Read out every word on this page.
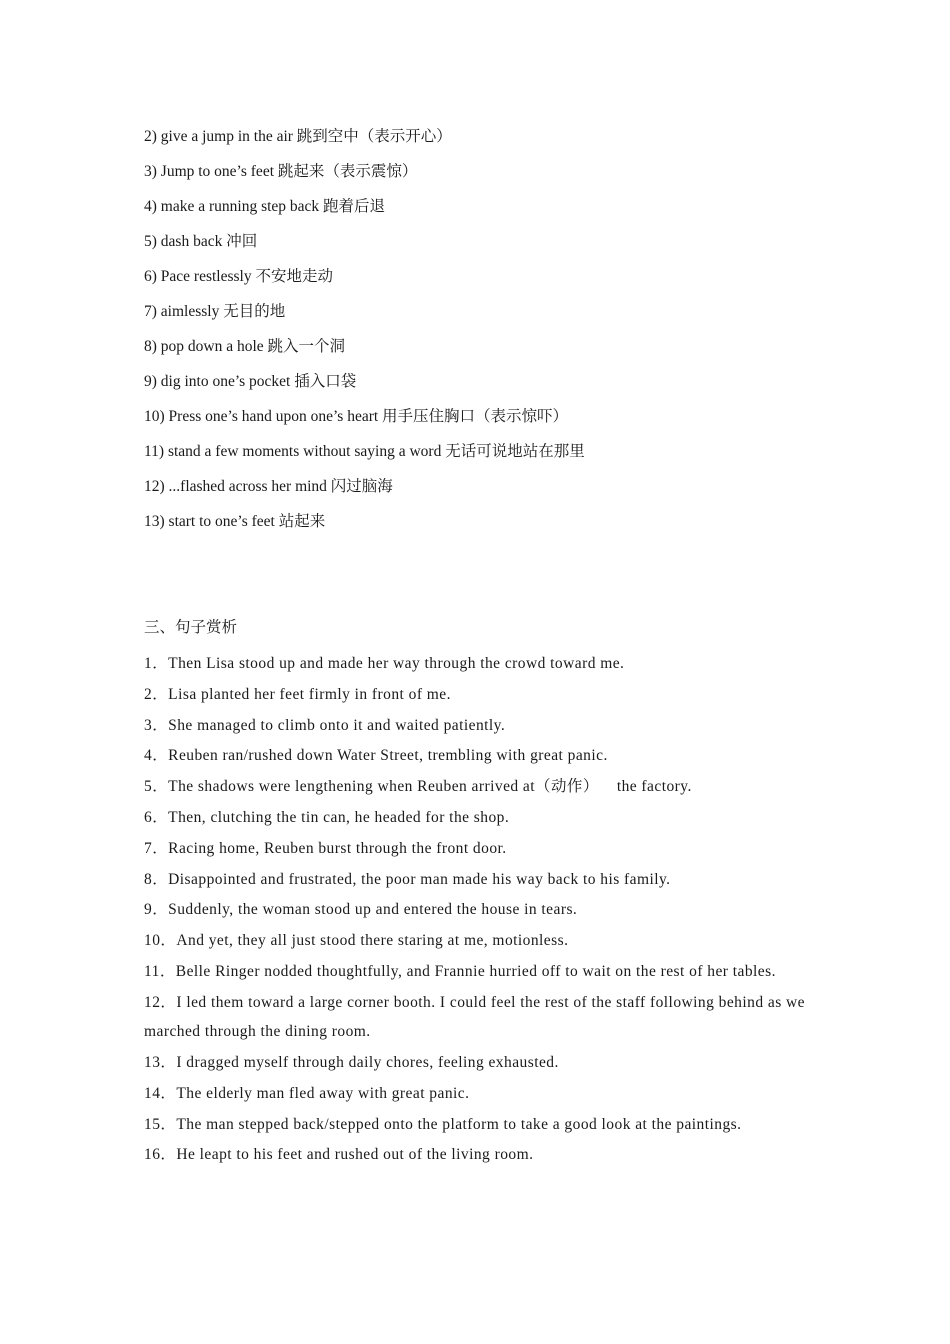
2) give a jump in the air 跳到空中（表示开心）
3) Jump to one’s feet 跳起来（表示震惊）
4) make a running step back 跑着后退
5) dash back 冲回
6) Pace restlessly 不安地走动
7) aimlessly 无目的地
8) pop down a hole 跳入一个洞
9) dig into one’s pocket 插入口袋
10) Press one’s hand upon one’s heart 用手压住胸口（表示惊吓）
11) stand a few moments without saying a word 无话可说地站在那里
12) ...flashed across her mind 闪过脑海
13) start to one’s feet 站起来
三、句子赏析
1．Then Lisa stood up and made her way through the crowd toward me.
2．Lisa planted her feet firmly in front of me.
3．She managed to climb onto it and waited patiently.
4．Reuben ran/rushed down Water Street, trembling with great panic.
5．The shadows were lengthening when Reuben arrived at（动作） the factory.
6．Then, clutching the tin can, he headed for the shop.
7．Racing home, Reuben burst through the front door.
8．Disappointed and frustrated, the poor man made his way back to his family.
9．Suddenly, the woman stood up and entered the house in tears.
10．And yet, they all just stood there staring at me, motionless.
11．Belle Ringer nodded thoughtfully, and Frannie hurried off to wait on the rest of her tables.
12．I led them toward a large corner booth. I could feel the rest of the staff following behind as we marched through the dining room.
13．I dragged myself through daily chores, feeling exhausted.
14．The elderly man fled away with great panic.
15．The man stepped back/stepped onto the platform to take a good look at the paintings.
16．He leapt to his feet and rushed out of the living room.
